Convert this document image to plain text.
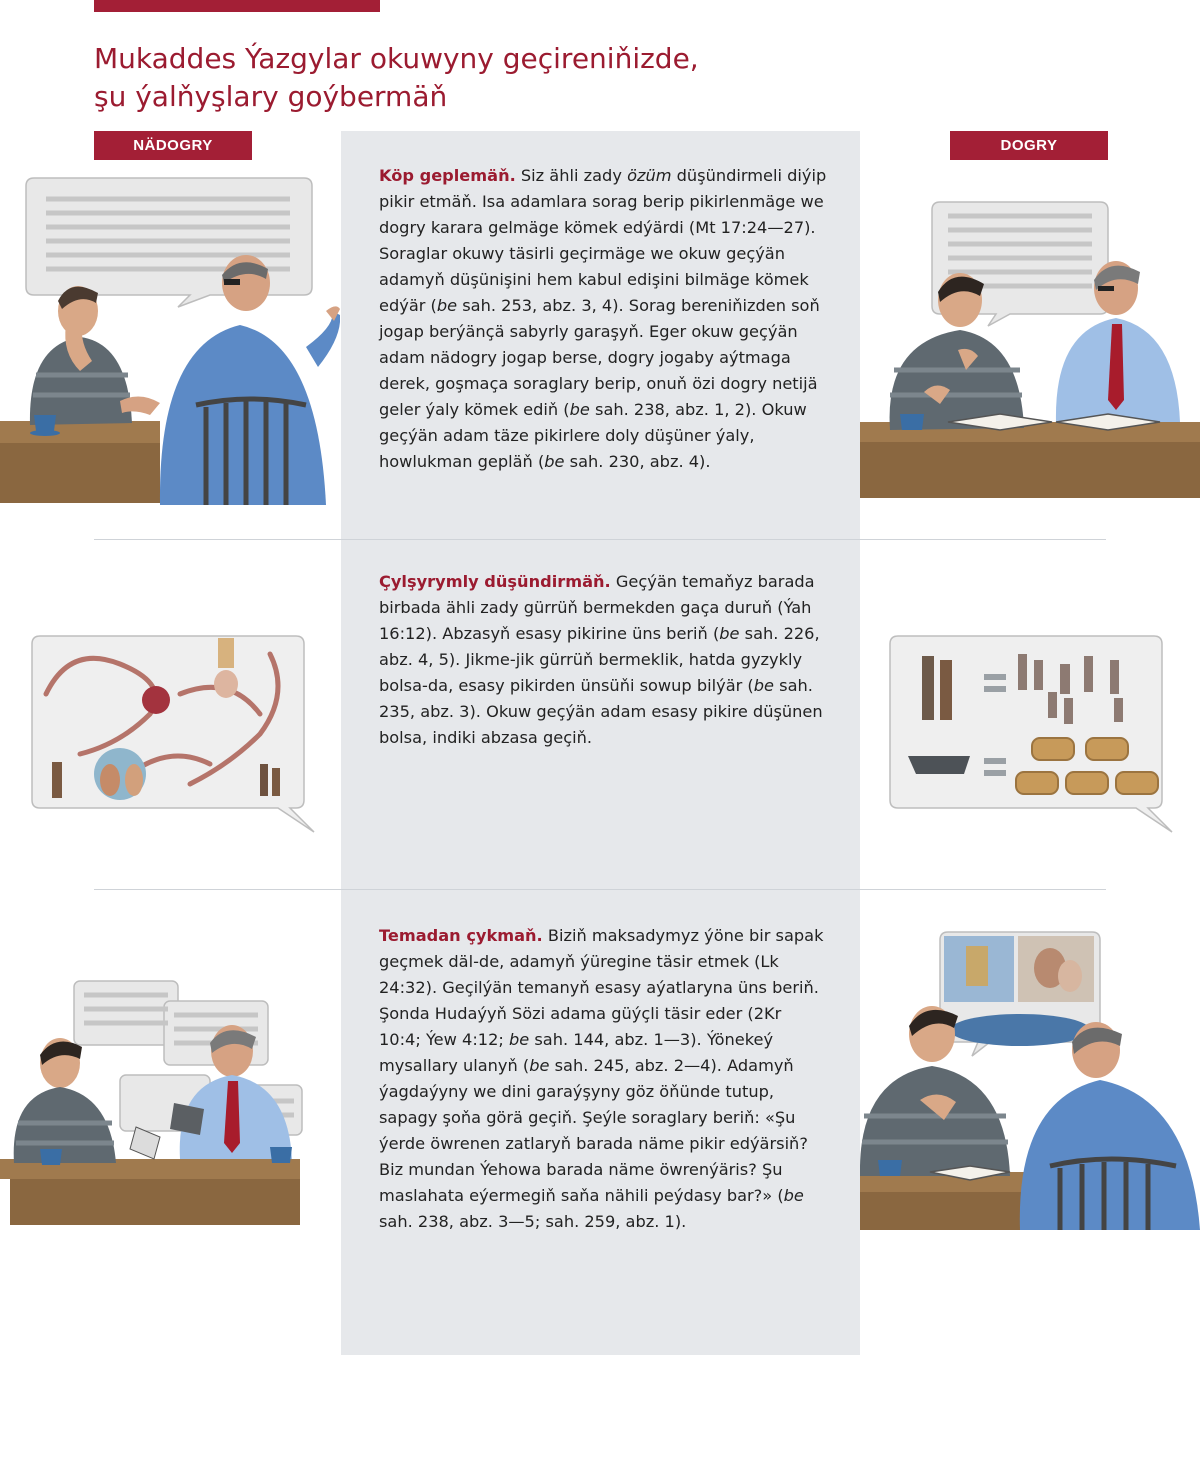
Mukaddes Ýazgylar okuwyny geçireniňizde,
şu ýalňyşlary goýbermäň
NÄDOGRY	DOGRY
Köp geplemäň. Siz ähli zady özüm düşündirmeli diýip pikir etmäň. Isa adamlara sorag berip pikirlenmäge we dogry karara gelmäge kömek edýärdi (Mt 17:24—27). Soraglar okuwy täsirli geçirmäge we okuw geçýän adamyň düşünişini hem kabul edişini bilmäge kömek edýär (be sah. 253, abz. 3, 4). Sorag bereniňizden soň jogap berýänçä sabyrly garaşyň. Eger okuw geçýän adam nädogry jogap berse, dogry jogaby aýtmaga derek, goşmaça soraglary berip, onuň özi dogry netijä geler ýaly kömek ediň (be sah. 238, abz. 1, 2). Okuw geçýän adam täze pikirlere doly düşüner ýaly, howlukman gepläň (be sah. 230, abz. 4).
Çylşyrymly düşündirmäň. Geçýän temaňyz barada birbada ähli zady gürrüň bermekden gaça duruň (Ýah 16:12). Abzasyň esasy pikirine üns beriň (be sah. 226, abz. 4, 5). Jikme-jik gürrüň bermeklik, hatda gyzykly bolsa-da, esasy pikirden ünsüňi sowup bilýär (be sah. 235, abz. 3). Okuw geçýän adam esasy pikire düşünen bolsa, indiki abzasa geçiň.
Temadan çykmaň. Biziň maksadymyz ýöne bir sapak geçmek däl-de, adamyň ýüregine täsir etmek (Lk 24:32). Geçilýän temanyň esasy aýatlaryna üns beriň. Şonda Hudaýyň Sözi adama güýçli täsir eder (2Kr 10:4; Ýew 4:12; be sah. 144, abz. 1—3). Ýönekeý mysallary ulanyň (be sah. 245, abz. 2—4). Adamyň ýagdaýyny we dini garaýşyny göz öňünde tutup, sapagy şoňa görä geçiň. Şeýle soraglary beriň: «Şu ýerde öwrenen zatlaryň barada näme pikir edýärsiň? Biz mundan Ýehowa barada näme öwrenýäris? Şu maslahata eýermegiň saňa nähili peýdasy bar?» (be sah. 238, abz. 3—5; sah. 259, abz. 1).
